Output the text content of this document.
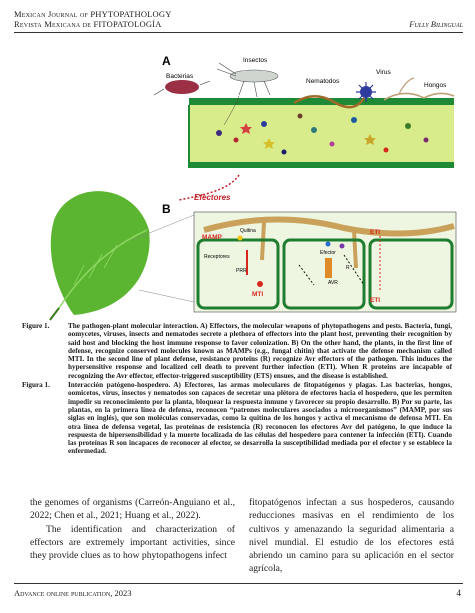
Mexican Journal of PHYTOPATHOLOGY
Revista Mexicana de FITOPATOLOGÍA	Fully Bilingual
A
Bacterias
Insectos
Nematodos
Virus
Hongos
Efectores
B
MAMP
Quitina
Receptores
PRR
MTI
Efector
AVR
ETI
ETI
R
Figure 1.	The pathogen-plant molecular interaction. A) Effectors, the molecular weapons of phytopathogens and pests. Bacteria, fungi, oomycetes, viruses, insects and nematodes secrete a plethora of effectors into the plant host, preventing their recognition by said host and blocking the host immune response to favor colonization. B) On the other hand, the plants, in the first line of defense, recognize conserved molecules known as MAMPs (e.g., fungal chitin) that activate the defense mechanism called MTI. In the second line of plant defense, resistance proteins (R) recognize Avr effectors of the pathogen. This induces the hypersensitive response and localized cell death to prevent further infection (ETI). When R proteins are incapable of recognizing the Avr effector, effector-triggered susceptibility (ETS) ensues, and the disease is established.
Figura 1.	Interacción patógeno-hospedero. A) Efectores, las armas moleculares de fitopatógenos y plagas. Las bacterias, hongos, oomicetos, virus, insectos y nematodos son capaces de secretar una plétora de efectores hacia el hospedero, que les permiten impedir su reconocimiento por la planta, bloquear la respuesta inmune y favorecer su propio desarrollo. B) Por su parte, las plantas, en la primera línea de defensa, reconocen “patrones moleculares asociados a microorganismos” (MAMP, por sus siglas en inglés), que son moléculas conservadas, como la quitina de los hongos y activa el mecanismo de defensa MTI. En otra línea de defensa vegetal, las proteínas de resistencia (R) reconocen los efectores Avr del patógeno, lo que induce la respuesta de hipersensibilidad y la muerte localizada de las células del hospedero para contener la infección (ETI). Cuando las proteínas R son incapaces de reconocer al efector, se desarrolla la susceptibilidad mediada por el efector y se establece la enfermedad.
the genomes of organisms (Carreón-Anguiano et al., 2022; Chen et al., 2021; Huang et al., 2022).
The identification and characterization of effectors are extremely important activities, since they provide clues as to how phytopathogens infect
fitopatógenos infectan a sus hospederos, causando reducciones masivas en el rendimiento de los cultivos y amenazando la seguridad alimentaria a nivel mundial. El estudio de los efectores está abriendo un camino para su aplicación en el sector agrícola,
Advance online publication, 2023	4
